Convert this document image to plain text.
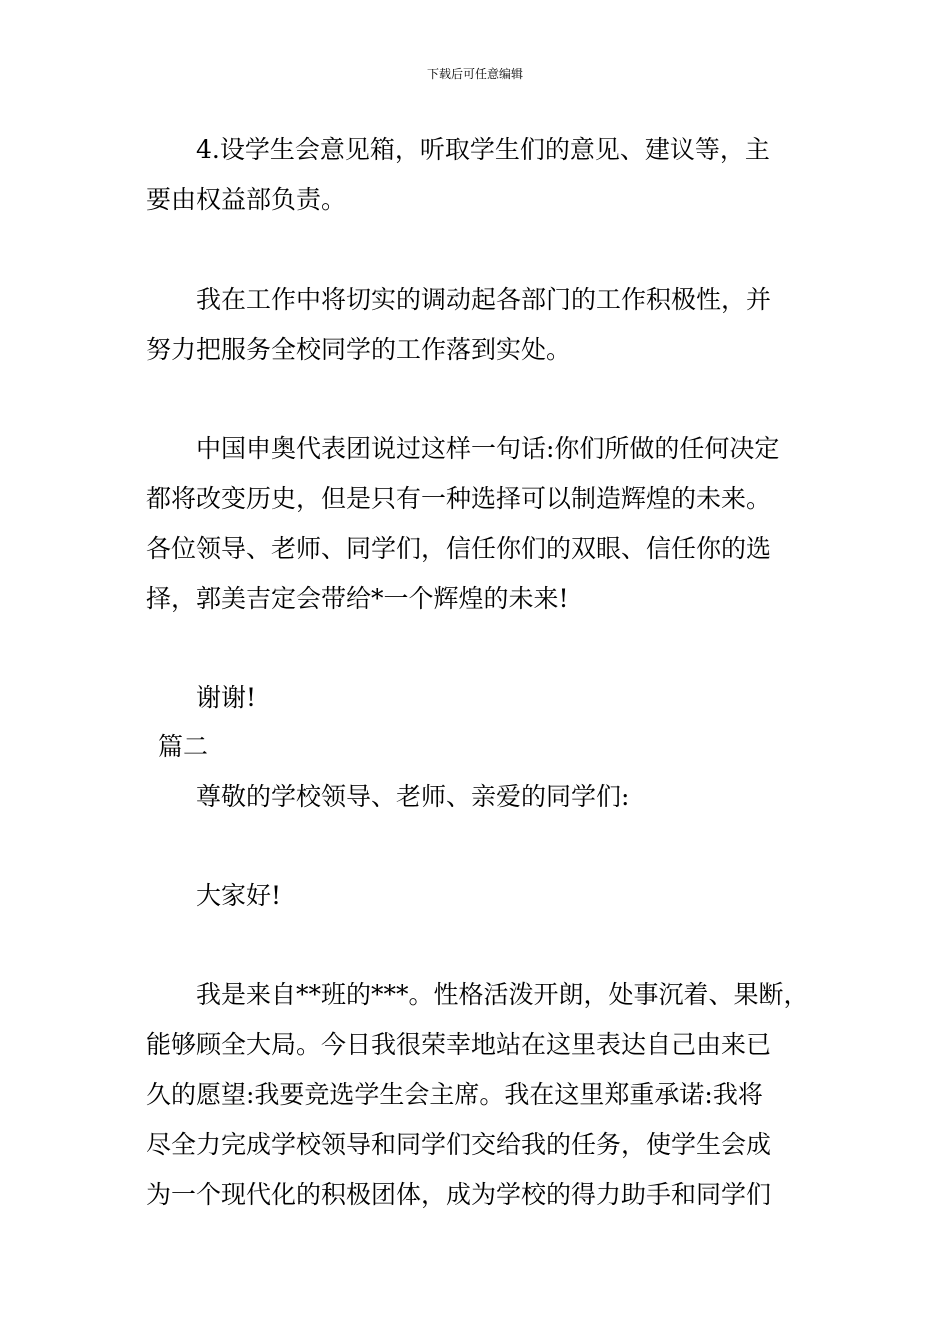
下载后可任意编辑
4.设学生会意见箱，听取学生们的意见、建议等，主
要由权益部负责。
我在工作中将切实的调动起各部门的工作积极性，并
努力把服务全校同学的工作落到实处。
中国申奥代表团说过这样一句话:你们所做的任何决定
都将改变历史，但是只有一种选择可以制造辉煌的未来。
各位领导、老师、同学们，信任你们的双眼、信任你的选
择，郭美吉定会带给*一个辉煌的未来!
谢谢!
篇二
尊敬的学校领导、老师、亲爱的同学们:
大家好!
我是来自**班的***。性格活泼开朗，处事沉着、果断，
能够顾全大局。今日我很荣幸地站在这里表达自己由来已
久的愿望:我要竞选学生会主席。我在这里郑重承诺:我将
尽全力完成学校领导和同学们交给我的任务，使学生会成
为一个现代化的积极团体，成为学校的得力助手和同学们
